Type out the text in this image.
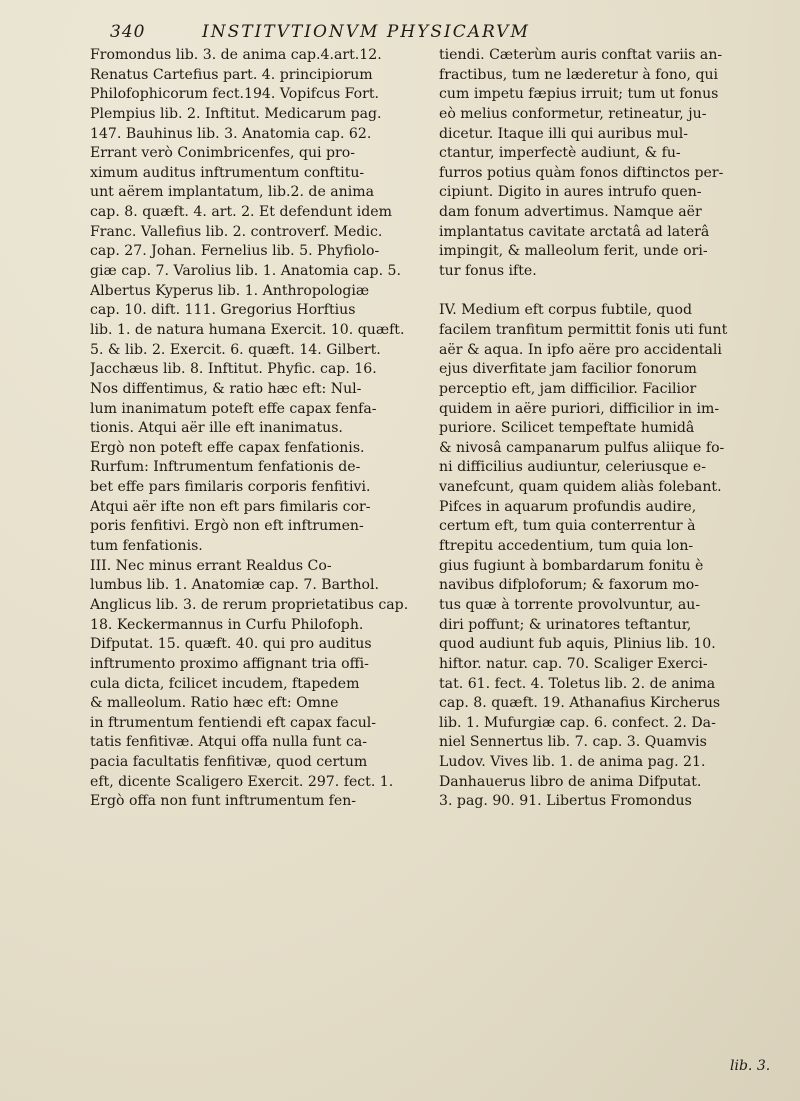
340	INSTITVTIONVM PHYSICARVM
Fromondus lib. 3. de anima cap.4.art.12.
Renatus Cartefius part. 4. principiorum
Philofophicorum fect.194. Vopifcus Fort.
Plempius lib. 2. Inftitut. Medicarum pag.
147. Bauhinus lib. 3. Anatomia cap. 62.
Errant verò Conimbricenfes, qui pro-
ximum auditus inftrumentum conftitu-
unt aërem implantatum, lib.2. de anima
cap. 8. quæft. 4. art. 2. Et defendunt idem
Franc. Vallefius lib. 2. controverf. Medic.
cap. 27. Johan. Fernelius lib. 5. Phyfiolo-
giæ cap. 7. Varolius lib. 1. Anatomia cap. 5.
Albertus Kyperus lib. 1. Anthropologiæ
cap. 10. dift. 111. Gregorius Horftius
lib. 1. de natura humana Exercit. 10. quæft.
5. & lib. 2. Exercit. 6. quæft. 14. Gilbert.
Jacchæus lib. 8. Inftitut. Phyfic. cap. 16.
Nos diffentimus, & ratio hæc eft: Nul-
lum inanimatum poteft effe capax fenfa-
tionis. Atqui aër ille eft inanimatus.
Ergò non poteft effe capax fenfationis.
Rurfum: Inftrumentum fenfationis de-
bet effe pars fimilaris corporis fenfitivi.
Atqui aër ifte non eft pars fimilaris cor-
poris fenfitivi. Ergò non eft inftrumen-
tum fenfationis.
III. Nec minus errant Realdus Co-
lumbus lib. 1. Anatomiæ cap. 7. Barthol.
Anglicus lib. 3. de rerum proprietatibus cap.
18. Keckermannus in Curfu Philofoph.
Difputat. 15. quæft. 40. qui pro auditus
inftrumento proximo affignant tria offi-
cula dicta, fcilicet incudem, ftapedem
& malleolum. Ratio hæc eft: Omne
in ftrumentum fentiendi eft capax facul-
tatis fenfitivæ. Atqui offa nulla funt ca-
pacia facultatis fenfitivæ, quod certum
eft, dicente Scaligero Exercit. 297. fect. 1.
Ergò offa non funt inftrumentum fen-
tiendi. Cæterùm auris conftat variis an-
fractibus, tum ne læderetur à fono, qui
cum impetu fæpius irruit; tum ut fonus
eò melius conformetur, retineatur, ju-
dicetur. Itaque illi qui auribus mul-
ctantur, imperfectè audiunt, & fu-
furros potius quàm fonos diftinctos per-
cipiunt. Digito in aures intrufo quen-
dam fonum advertimus. Namque aër
implantatus cavitate arctatâ ad laterâ
impingit, & malleolum ferit, unde ori-
tur fonus ifte.
IV. Medium eft corpus fubtile, quod
facilem tranfitum permittit fonis uti funt
aër & aqua. In ipfo aëre pro accidentali
ejus diverfitate jam facilior fonorum
perceptio eft, jam difficilior. Facilior
quidem in aëre puriori, difficilior in im-
puriore. Scilicet tempeftate humidâ
& nivosâ campanarum pulfus aliique fo-
ni difficilius audiuntur, celeriusque e-
vanefcunt, quam quidem aliàs folebant.
Pifces in aquarum profundis audire,
certum eft, tum quia conterrentur à
ftrepitu accedentium, tum quia lon-
gius fugiunt à bombardarum fonitu è
navibus difploforum; & faxorum mo-
tus quæ à torrente provolvuntur, au-
diri poffunt; & urinatores teftantur,
quod audiunt fub aquis, Plinius lib. 10.
hiftor. natur. cap. 70. Scaliger Exerci-
tat. 61. fect. 4. Toletus lib. 2. de anima
cap. 8. quæft. 19. Athanafius Kircherus
lib. 1. Mufurgiæ cap. 6. confect. 2. Da-
niel Sennertus lib. 7. cap. 3. Quamvis
Ludov. Vives lib. 1. de anima pag. 21.
Danhauerus libro de anima Difputat.
3. pag. 90. 91. Libertus Fromondus
lib. 3.
